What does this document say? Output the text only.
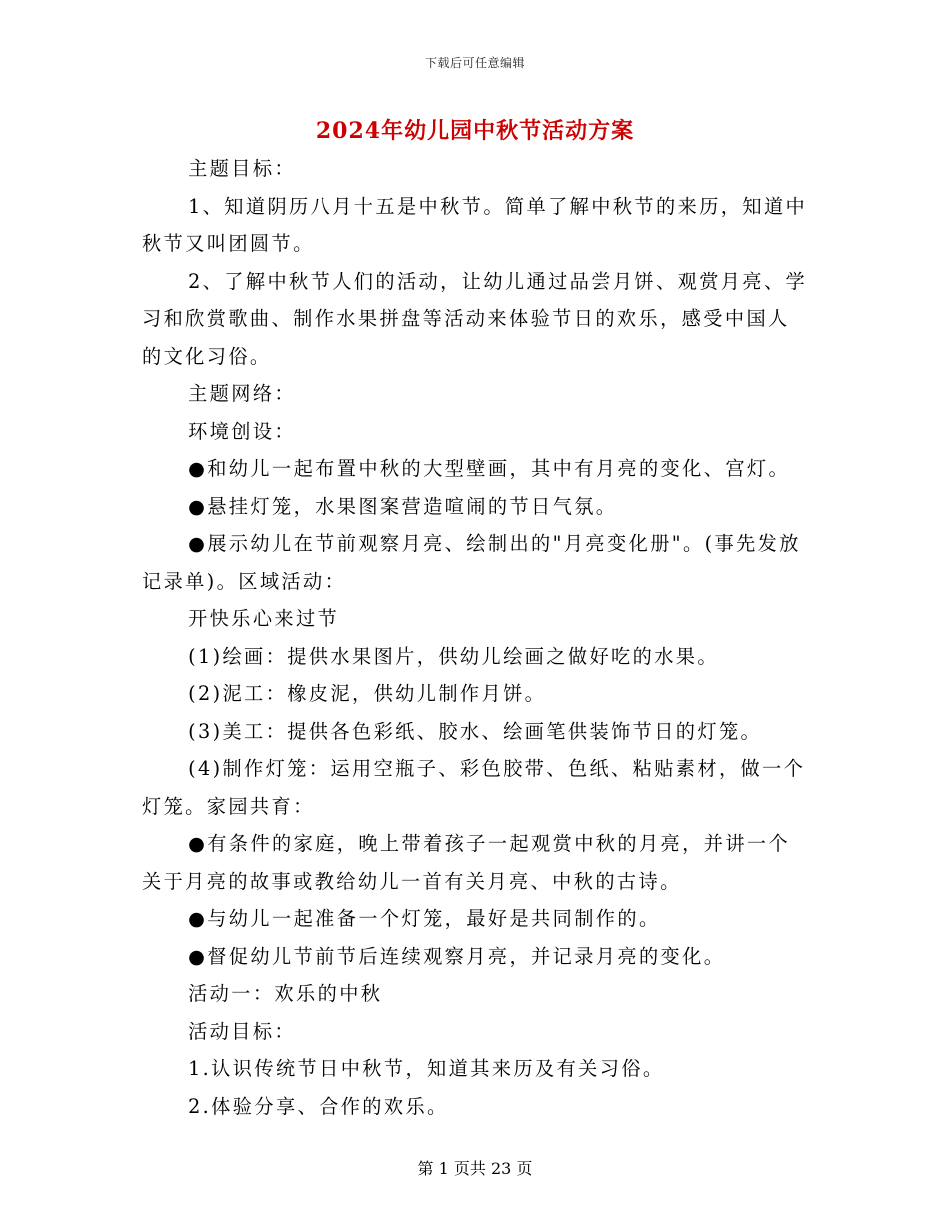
下载后可任意编辑
2024年幼儿园中秋节活动方案

主题目标：

1、知道阴历八月十五是中秋节。简单了解中秋节的来历，知道中秋节又叫团圆节。

2、了解中秋节人们的活动，让幼儿通过品尝月饼、观赏月亮、学习和欣赏歌曲、制作水果拼盘等活动来体验节日的欢乐，感受中国人的文化习俗。

主题网络：

环境创设：

●和幼儿一起布置中秋的大型壁画，其中有月亮的变化、宫灯。

●悬挂灯笼，水果图案营造喧闹的节日气氛。

●展示幼儿在节前观察月亮、绘制出的"月亮变化册"。(事先发放记录单)。区域活动：

开快乐心来过节

(1)绘画：提供水果图片，供幼儿绘画之做好吃的水果。

(2)泥工：橡皮泥，供幼儿制作月饼。

(3)美工：提供各色彩纸、胶水、绘画笔供装饰节日的灯笼。

(4)制作灯笼：运用空瓶子、彩色胶带、色纸、粘贴素材，做一个灯笼。家园共育：

●有条件的家庭，晚上带着孩子一起观赏中秋的月亮，并讲一个关于月亮的故事或教给幼儿一首有关月亮、中秋的古诗。

●与幼儿一起准备一个灯笼，最好是共同制作的。

●督促幼儿节前节后连续观察月亮，并记录月亮的变化。

活动一：欢乐的中秋

活动目标：

1.认识传统节日中秋节，知道其来历及有关习俗。

2.体验分享、合作的欢乐。

第 1 页共 23 页
